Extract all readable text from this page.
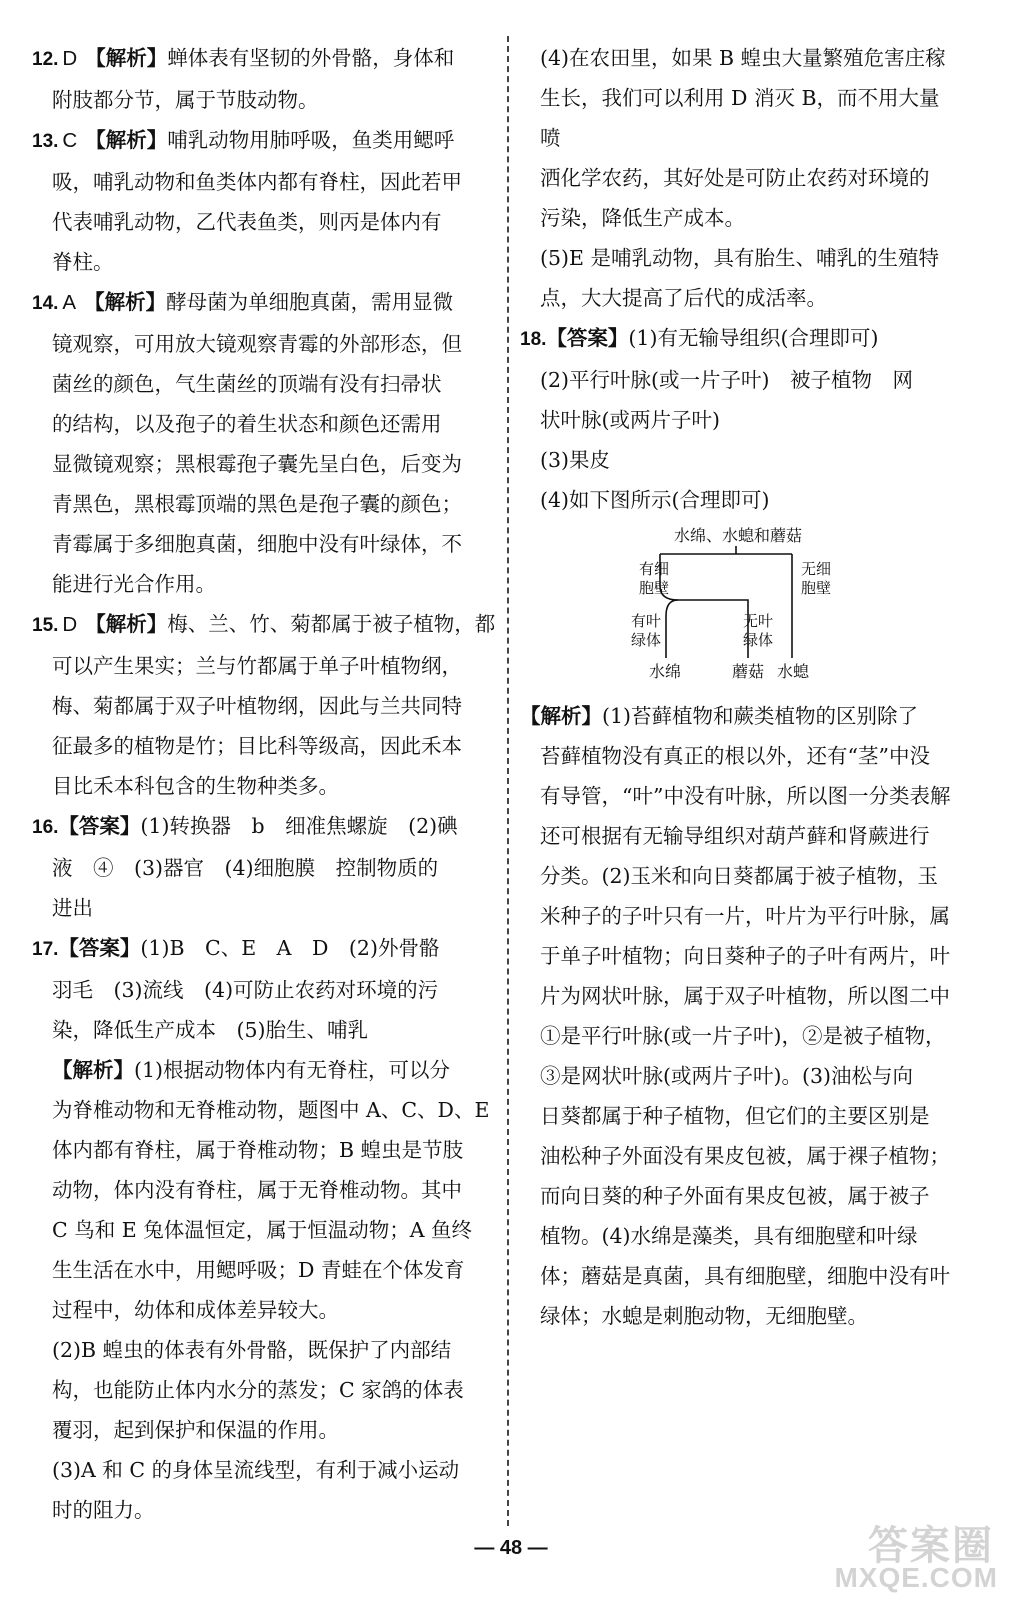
12. D 【解析】蝉体表有坚韧的外骨骼，身体和
附肢都分节，属于节肢动物。
13. C 【解析】哺乳动物用肺呼吸，鱼类用鳃呼
吸，哺乳动物和鱼类体内都有脊柱，因此若甲
代表哺乳动物，乙代表鱼类，则丙是体内有
脊柱。
14. A 【解析】酵母菌为单细胞真菌，需用显微
镜观察，可用放大镜观察青霉的外部形态，但
菌丝的颜色，气生菌丝的顶端有没有扫帚状
的结构，以及孢子的着生状态和颜色还需用
显微镜观察；黑根霉孢子囊先呈白色，后变为
青黑色，黑根霉顶端的黑色是孢子囊的颜色；
青霉属于多细胞真菌，细胞中没有叶绿体，不
能进行光合作用。
15. D 【解析】梅、兰、竹、菊都属于被子植物，都
可以产生果实；兰与竹都属于单子叶植物纲，
梅、菊都属于双子叶植物纲，因此与兰共同特
征最多的植物是竹；目比科等级高，因此禾本
目比禾本科包含的生物种类多。
16.【答案】(1)转换器　b　细准焦螺旋　(2)碘
液　④　(3)器官　(4)细胞膜　控制物质的
进出
17.【答案】(1)B　C、E　A　D　(2)外骨骼
羽毛　(3)流线　(4)可防止农药对环境的污
染，降低生产成本　(5)胎生、哺乳
【解析】(1)根据动物体内有无脊柱，可以分
为脊椎动物和无脊椎动物，题图中 A、C、D、E
体内都有脊柱，属于脊椎动物；B 蝗虫是节肢
动物，体内没有脊柱，属于无脊椎动物。其中
C 鸟和 E 兔体温恒定，属于恒温动物；A 鱼终
生生活在水中，用鳃呼吸；D 青蛙在个体发育
过程中，幼体和成体差异较大。
(2)B 蝗虫的体表有外骨骼，既保护了内部结
构，也能防止体内水分的蒸发；C 家鸽的体表
覆羽，起到保护和保温的作用。
(3)A 和 C 的身体呈流线型，有利于减小运动
时的阻力。
(4)在农田里，如果 B 蝗虫大量繁殖危害庄稼
生长，我们可以利用 D 消灭 B，而不用大量喷
洒化学农药，其好处是可防止农药对环境的
污染，降低生产成本。
(5)E 是哺乳动物，具有胎生、哺乳的生殖特
点，大大提高了后代的成活率。
18.【答案】(1)有无输导组织(合理即可)
(2)平行叶脉(或一片子叶)　被子植物　网
状叶脉(或两片子叶)
(3)果皮
(4)如下图所示(合理即可)
水绵、水螅和蘑菇
有细
胞壁
无细
胞壁
有叶
绿体
无叶
绿体
水绵	蘑菇 水螅
【解析】(1)苔藓植物和蕨类植物的区别除了
苔藓植物没有真正的根以外，还有“茎”中没
有导管，“叶”中没有叶脉，所以图一分类表解
还可根据有无输导组织对葫芦藓和肾蕨进行
分类。(2)玉米和向日葵都属于被子植物，玉
米种子的子叶只有一片，叶片为平行叶脉，属
于单子叶植物；向日葵种子的子叶有两片，叶
片为网状叶脉，属于双子叶植物，所以图二中
①是平行叶脉(或一片子叶)，②是被子植物，
③是网状叶脉(或两片子叶)。(3)油松与向
日葵都属于种子植物，但它们的主要区别是
油松种子外面没有果皮包被，属于裸子植物；
而向日葵的种子外面有果皮包被，属于被子
植物。(4)水绵是藻类，具有细胞壁和叶绿
体；蘑菇是真菌，具有细胞壁，细胞中没有叶
绿体；水螅是刺胞动物，无细胞壁。
— 48 —	答案圈
MXQE.COM
